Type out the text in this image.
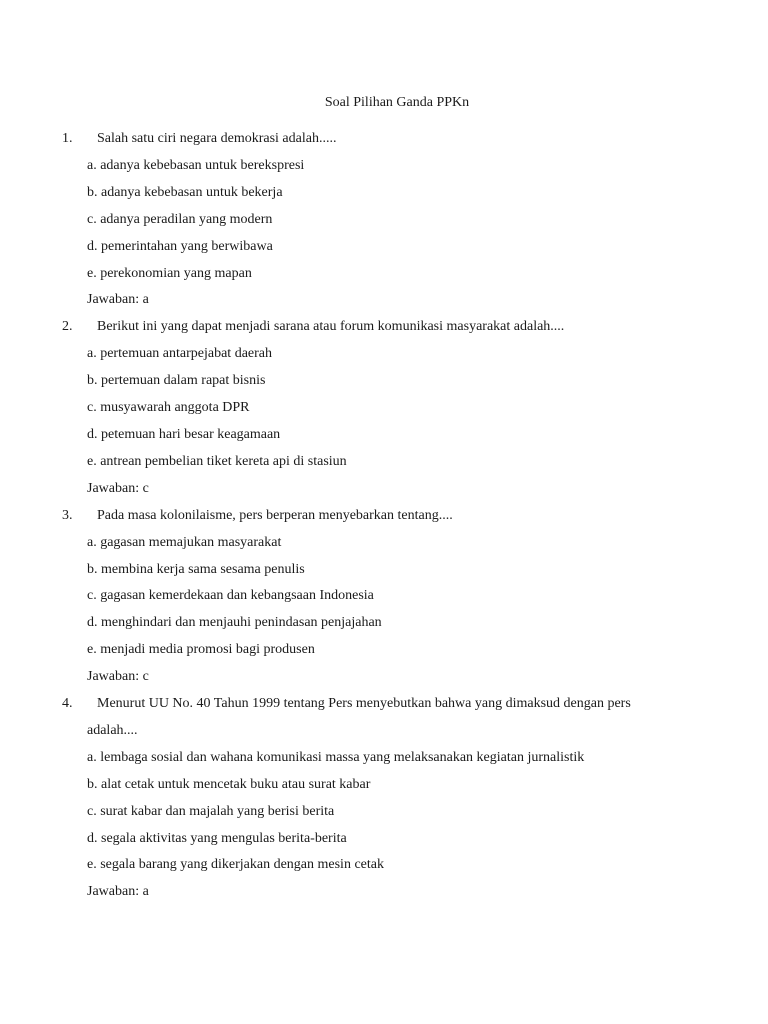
Soal Pilihan Ganda PPKn
1.	Salah satu ciri negara demokrasi adalah.....
a. adanya kebebasan untuk berekspresi
b. adanya kebebasan untuk bekerja
c. adanya peradilan yang modern
d. pemerintahan yang berwibawa
e. perekonomian yang mapan
Jawaban: a
2.	Berikut ini yang dapat menjadi sarana atau forum komunikasi masyarakat adalah....
a. pertemuan antarpejabat daerah
b. pertemuan dalam rapat bisnis
c. musyawarah anggota DPR
d. petemuan hari besar keagamaan
e. antrean pembelian tiket kereta api di stasiun
Jawaban: c
3.	Pada masa kolonilaisme, pers berperan menyebarkan tentang....
a. gagasan memajukan masyarakat
b. membina kerja sama sesama penulis
c. gagasan kemerdekaan dan kebangsaan Indonesia
d. menghindari dan menjauhi penindasan penjajahan
e. menjadi media promosi bagi produsen
Jawaban: c
4.	Menurut UU No. 40 Tahun 1999 tentang Pers menyebutkan bahwa yang dimaksud dengan pers
adalah....
a. lembaga sosial dan wahana komunikasi massa yang melaksanakan kegiatan jurnalistik
b. alat cetak untuk mencetak buku atau surat kabar
c. surat kabar dan majalah yang berisi berita
d. segala aktivitas yang mengulas berita-berita
e. segala barang yang dikerjakan dengan mesin cetak
Jawaban: a
